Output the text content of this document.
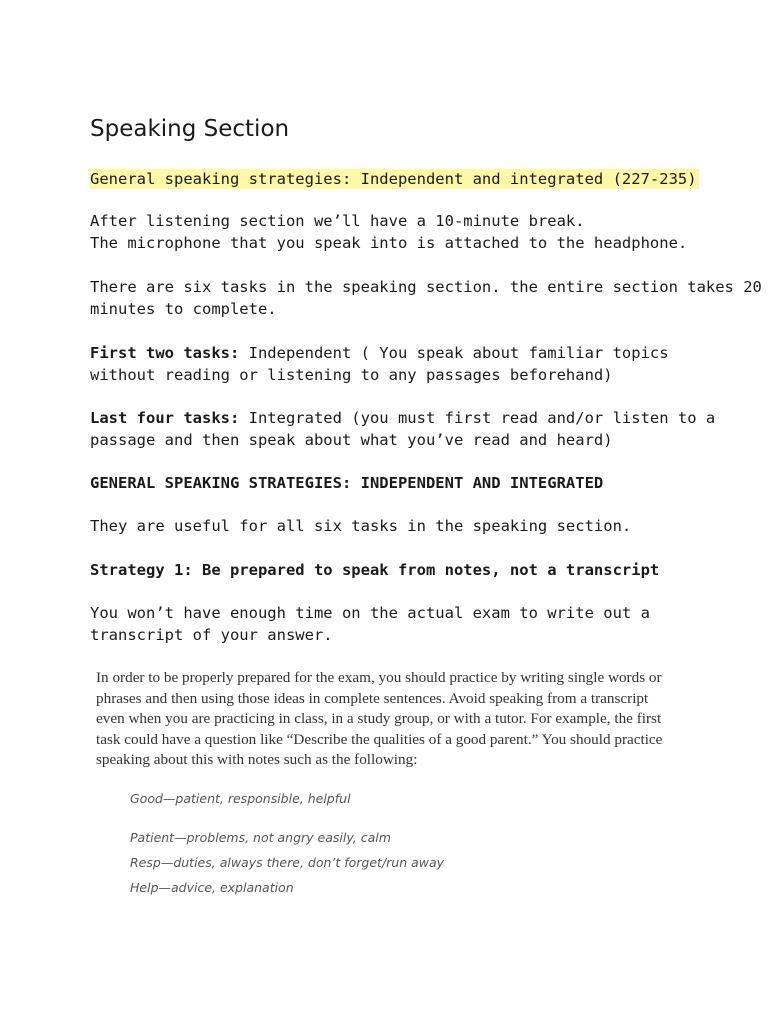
Speaking Section

General speaking strategies: Independent and integrated (227-235)

After listening section we’ll have a 10-minute break.
The microphone that you speak into is attached to the headphone.

There are six tasks in the speaking section. the entire section takes 20
minutes to complete.

First two tasks: Independent ( You speak about familiar topics
without reading or listening to any passages beforehand)

Last four tasks: Integrated (you must first read and/or listen to a
passage and then speak about what you’ve read and heard)

GENERAL SPEAKING STRATEGIES: INDEPENDENT AND INTEGRATED

They are useful for all six tasks in the speaking section.

Strategy 1: Be prepared to speak from notes, not a transcript

You won’t have enough time on the actual exam to write out a
transcript of your answer.

In order to be properly prepared for the exam, you should practice by writing single words or
phrases and then using those ideas in complete sentences. Avoid speaking from a transcript
even when you are practicing in class, in a study group, or with a tutor. For example, the first
task could have a question like “Describe the qualities of a good parent.” You should practice
speaking about this with notes such as the following:

Good—patient, responsible, helpful

Patient—problems, not angry easily, calm

Resp—duties, always there, don’t forget/run away

Help—advice, explanation
